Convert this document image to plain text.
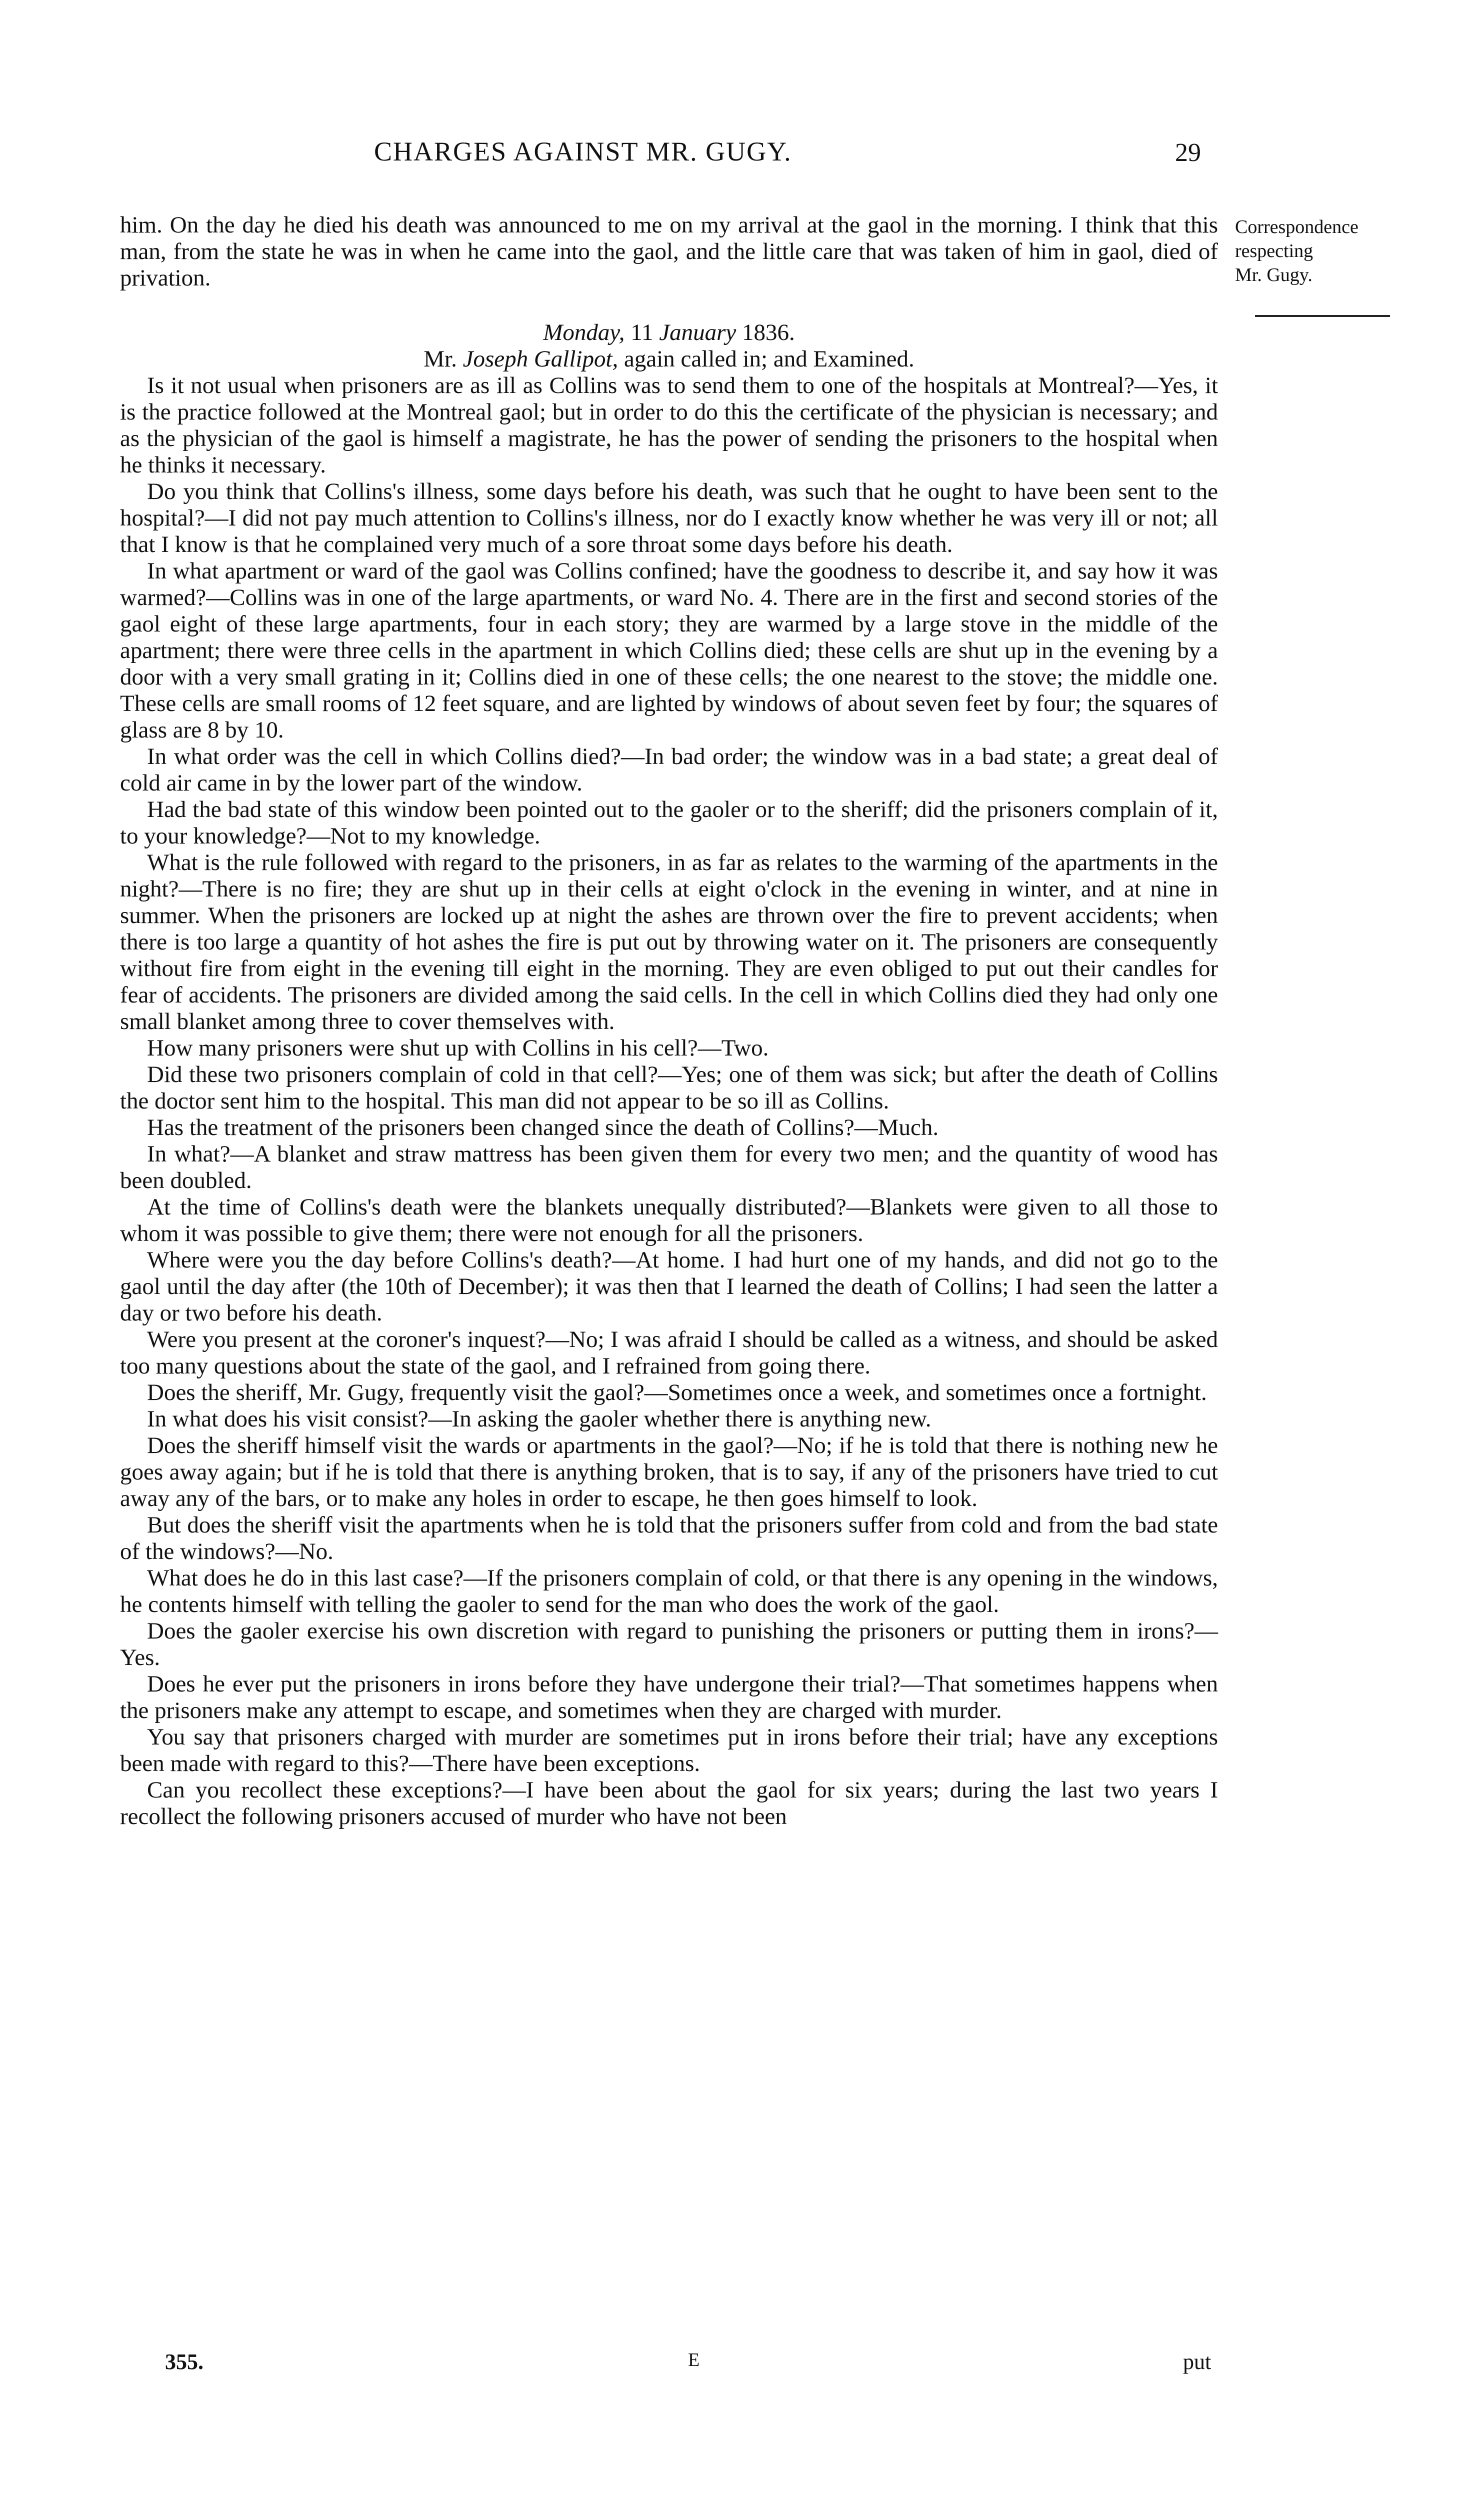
CHARGES AGAINST MR. GUGY.	29
Correspondence
respecting
Mr. Gugy.

him. On the day he died his death was announced to me on my arrival at the gaol in the morning. I think that this man, from the state he was in when he came into the gaol, and the little care that was taken of him in gaol, died of privation.

Monday, 11 January 1836.

Mr. Joseph Gallipot, again called in; and Examined.

Is it not usual when prisoners are as ill as Collins was to send them to one of the hospitals at Montreal?—Yes, it is the practice followed at the Montreal gaol; but in order to do this the certificate of the physician is necessary; and as the physician of the gaol is himself a magistrate, he has the power of sending the prisoners to the hospital when he thinks it necessary.

Do you think that Collins's illness, some days before his death, was such that he ought to have been sent to the hospital?—I did not pay much attention to Collins's illness, nor do I exactly know whether he was very ill or not; all that I know is that he complained very much of a sore throat some days before his death.

In what apartment or ward of the gaol was Collins confined; have the goodness to describe it, and say how it was warmed?—Collins was in one of the large apartments, or ward No. 4. There are in the first and second stories of the gaol eight of these large apartments, four in each story; they are warmed by a large stove in the middle of the apartment; there were three cells in the apartment in which Collins died; these cells are shut up in the evening by a door with a very small grating in it; Collins died in one of these cells; the one nearest to the stove; the middle one. These cells are small rooms of 12 feet square, and are lighted by windows of about seven feet by four; the squares of glass are 8 by 10.

In what order was the cell in which Collins died?—In bad order; the window was in a bad state; a great deal of cold air came in by the lower part of the window.

Had the bad state of this window been pointed out to the gaoler or to the sheriff; did the prisoners complain of it, to your knowledge?—Not to my knowledge.

What is the rule followed with regard to the prisoners, in as far as relates to the warming of the apartments in the night?—There is no fire; they are shut up in their cells at eight o'clock in the evening in winter, and at nine in summer. When the prisoners are locked up at night the ashes are thrown over the fire to prevent accidents; when there is too large a quantity of hot ashes the fire is put out by throwing water on it. The prisoners are consequently without fire from eight in the evening till eight in the morning. They are even obliged to put out their candles for fear of accidents. The prisoners are divided among the said cells. In the cell in which Collins died they had only one small blanket among three to cover themselves with.

How many prisoners were shut up with Collins in his cell?—Two.

Did these two prisoners complain of cold in that cell?—Yes; one of them was sick; but after the death of Collins the doctor sent him to the hospital. This man did not appear to be so ill as Collins.

Has the treatment of the prisoners been changed since the death of Collins?—Much.

In what?—A blanket and straw mattress has been given them for every two men; and the quantity of wood has been doubled.

At the time of Collins's death were the blankets unequally distributed?—Blankets were given to all those to whom it was possible to give them; there were not enough for all the prisoners.

Where were you the day before Collins's death?—At home. I had hurt one of my hands, and did not go to the gaol until the day after (the 10th of December); it was then that I learned the death of Collins; I had seen the latter a day or two before his death.

Were you present at the coroner's inquest?—No; I was afraid I should be called as a witness, and should be asked too many questions about the state of the gaol, and I refrained from going there.

Does the sheriff, Mr. Gugy, frequently visit the gaol?—Sometimes once a week, and sometimes once a fortnight.

In what does his visit consist?—In asking the gaoler whether there is anything new.

Does the sheriff himself visit the wards or apartments in the gaol?—No; if he is told that there is nothing new he goes away again; but if he is told that there is anything broken, that is to say, if any of the prisoners have tried to cut away any of the bars, or to make any holes in order to escape, he then goes himself to look.

But does the sheriff visit the apartments when he is told that the prisoners suffer from cold and from the bad state of the windows?—No.

What does he do in this last case?—If the prisoners complain of cold, or that there is any opening in the windows, he contents himself with telling the gaoler to send for the man who does the work of the gaol.

Does the gaoler exercise his own discretion with regard to punishing the prisoners or putting them in irons?—Yes.

Does he ever put the prisoners in irons before they have undergone their trial?—That sometimes happens when the prisoners make any attempt to escape, and sometimes when they are charged with murder.

You say that prisoners charged with murder are sometimes put in irons before their trial; have any exceptions been made with regard to this?—There have been exceptions.

Can you recollect these exceptions?—I have been about the gaol for six years; during the last two years I recollect the following prisoners accused of murder who have not been

355.	E	put
